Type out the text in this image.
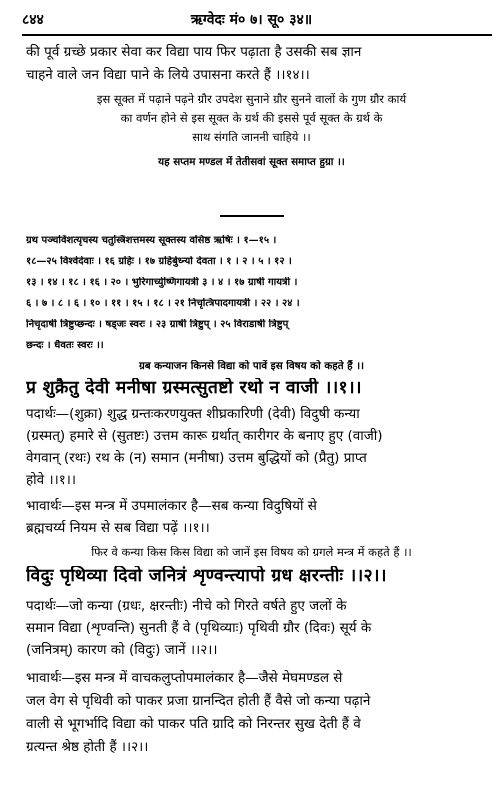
८४४	ऋग्वेदः मं० ७। सू० ३४॥
की पूर्व ग्रच्छे प्रकार सेवा कर विद्या पाय फिर पढ़ाता है उसकी सब ज्ञान
चाहने वाले जन विद्या पाने के लिये उपासना करते हैं ।।१४।।
इस सूक्त में पढ़ाने पढ़ने ग्रौर उपदेश सुनाने ग्रौर सुनने वालों के गुण ग्रौर कार्य
का वर्णन होने से इस सूक्त के ग्रर्थ की इससे पूर्व सूक्त के ग्रर्थ के
साथ संगति जाननी चाहिये ।।
यह सप्तम मण्डल में तेतीसवां सूक्त समाप्त हुग्रा ।।
ग्रथ पञ्चविंशत्यृचस्य चतुस्त्रिंशत्तमस्य सूक्तस्य वसिष्ठ ऋषिः । १—१५ ।
१८—२५ विश्वेदेवाः । १६ ग्रहिः । १७ ग्रहिर्बुध्न्यो देवता । १ । २ । ५ । १२ ।
१३ । १४ । १८ । १६ । २० । भुरिगार्च्युष्णिगायत्री ३ । ४ । १७ ग्रार्षी गायत्री ।
६ । ७ । ८ । ६ । १० । ११ । १५ । १८ । २१ निचृत्त्रिपादगायत्री । २२ । २४ ।
निचृदार्षी त्रिष्टुप्छन्दः । षड्जः स्वरः । २३ ग्रार्षी त्रिष्टुप् । २५ विराडार्षी त्रिष्टुप्
छन्दः । धैवतः स्वरः ।।
ग्रब कन्याजन किनसे विद्या को पावें इस विषय को कहते हैं ।।
प्र शुक्रैतु देवी मनीषा ग्रस्मत्सुतष्टो रथो न वाजी ।।१।।
पदार्थः—(शुक्रा) शुद्ध ग्रन्तःकरणयुक्त शीघ्रकारिणी (देवी) विदुषी कन्या
(ग्रस्मत्) हमारे से (सुतष्टः) उत्तम कारू ग्रर्थात् कारीगर के बनाए हुए (वाजी)
वेगवान् (रथः) रथ के (न) समान (मनीषा) उत्तम बुद्धियों को (प्रैतु) प्राप्त
होवे ।।१।।
भावार्थः—इस मन्त्र में उपमालंकार है—सब कन्या विदुषियों से
ब्रह्मचर्य्य नियम से सब विद्या पढ़ें ।।१।।
फिर वे कन्या किस किस विद्या को जानें इस विषय को ग्रगले मन्त्र में कहते हैं ।।
विदुः पृथिव्या दिवो जनित्रं शृण्वन्त्यापो ग्रध क्षरन्तीः ।।२।।
पदार्थः—जो कन्या (ग्रधः, क्षरन्तीः) नीचे को गिरते वर्षते हुए जलों के
समान विद्या (शृण्वन्ति) सुनती हैं वे (पृथिव्याः) पृथिवी ग्रौर (दिवः) सूर्य के
(जनित्रम्) कारण को (विदुः) जानें ।।२।।
भावार्थः—इस मन्त्र में वाचकलुप्तोपमालंकार है—जैसे मेघमण्डल से
जल वेग से पृथिवी को पाकर प्रजा ग्रानन्दित होती हैं वैसे जो कन्या पढ़ाने
वाली से भूगर्भादि विद्या को पाकर पति ग्रादि को निरन्तर सुख देती हैं वे
ग्रत्यन्त श्रेष्ठ होती हैं ।।२।।
